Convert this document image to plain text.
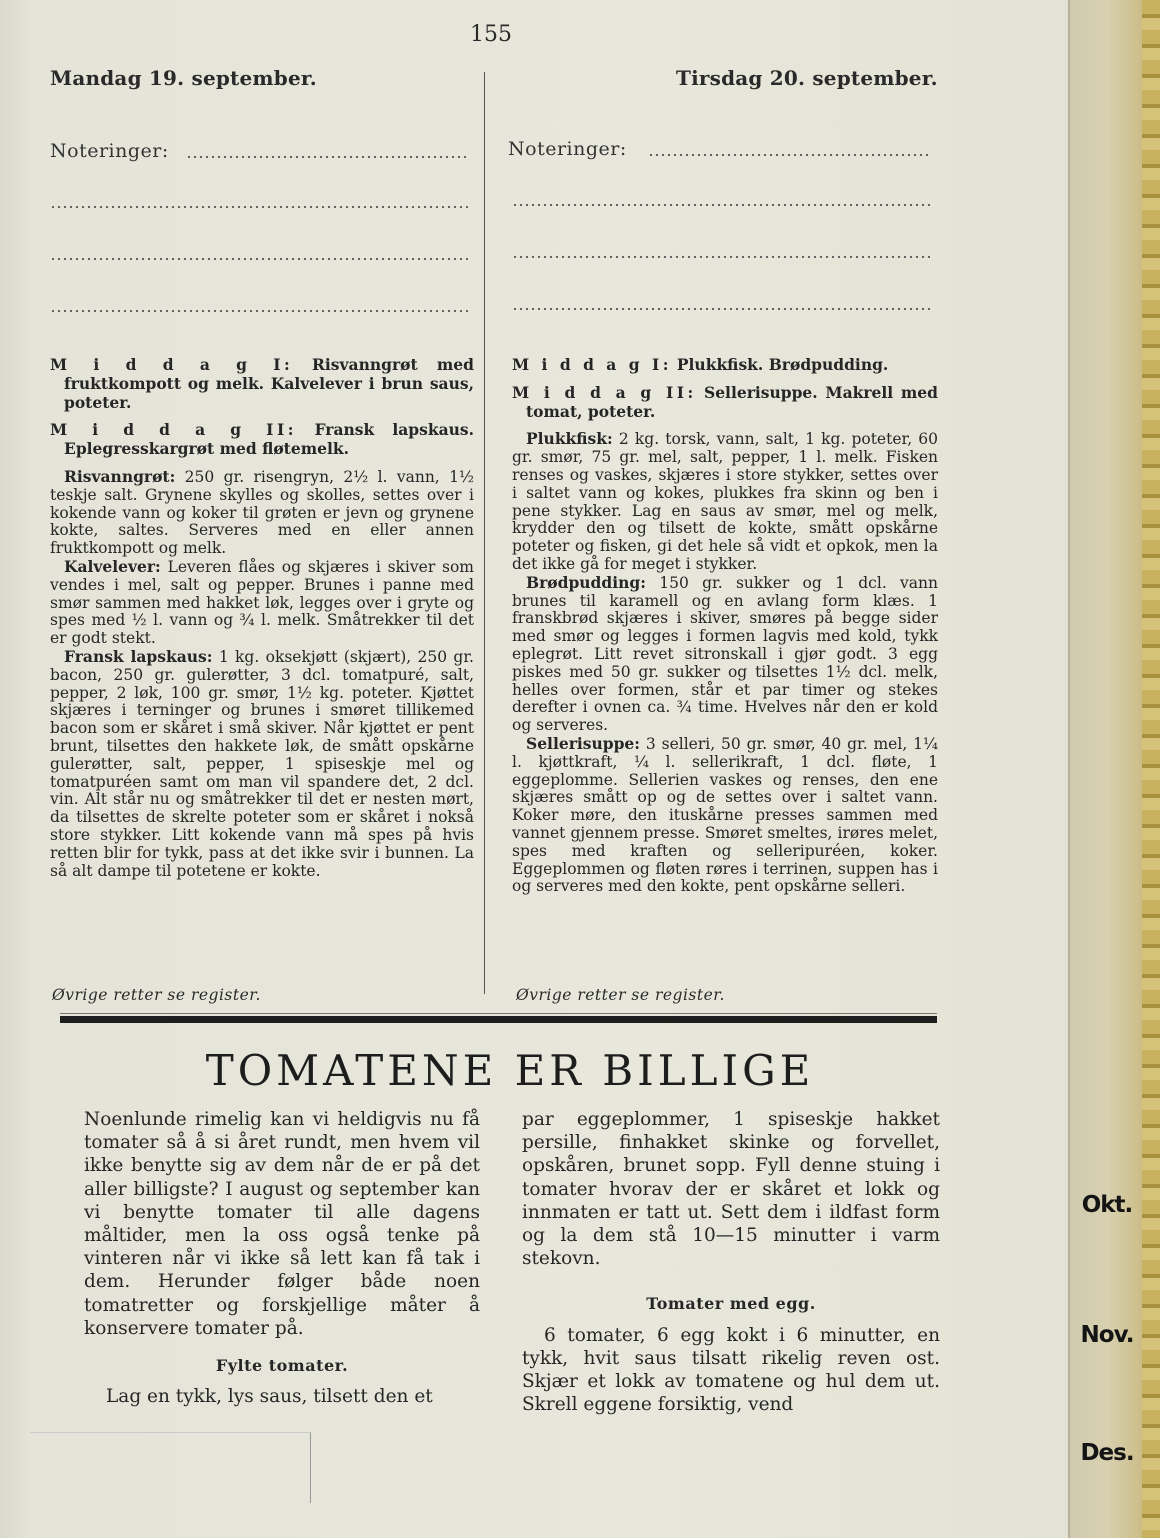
Okt.
Nov.
Des.
155
Mandag 19. september.
Noteringer:

M i d d a g I: Risvanngrøt med fruktkompott og melk. Kalvelever i brun saus, poteter.

M i d d a g II: Fransk lapskaus. Eplegresskargrøt med fløtemelk.

Risvanngrøt: 250 gr. risengryn, 2½ l. vann, 1½ teskje salt. Grynene skylles og skolles, settes over i kokende vann og koker til grøten er jevn og grynene kokte, saltes. Serveres med en eller annen fruktkompott og melk.

Kalvelever: Leveren flåes og skjæres i skiver som vendes i mel, salt og pepper. Brunes i panne med smør sammen med hakket løk, legges over i gryte og spes med ½ l. vann og ¾ l. melk. Småtrekker til det er godt stekt.

Fransk lapskaus: 1 kg. oksekjøtt (skjært), 250 gr. bacon, 250 gr. gulerøtter, 3 dcl. tomatpuré, salt, pepper, 2 løk, 100 gr. smør, 1½ kg. poteter. Kjøttet skjæres i terninger og brunes i smøret tillikemed bacon som er skåret i små skiver. Når kjøttet er pent brunt, tilsettes den hakkete løk, de smått opskårne gulerøtter, salt, pepper, 1 spiseskje mel og tomatpuréen samt om man vil spandere det, 2 dcl. vin. Alt står nu og småtrekker til det er nesten mørt, da tilsettes de skrelte poteter som er skåret i nokså store stykker. Litt kokende vann må spes på hvis retten blir for tykk, pass at det ikke svir i bunnen. La så alt dampe til potetene er kokte.

Øvrige retter se register.
Tirsdag 20. september.
Noteringer:

M i d d a g I: Plukkfisk. Brødpudding.

M i d d a g II: Sellerisuppe. Makrell med tomat, poteter.

Plukkfisk: 2 kg. torsk, vann, salt, 1 kg. poteter, 60 gr. smør, 75 gr. mel, salt, pepper, 1 l. melk. Fisken renses og vaskes, skjæres i store stykker, settes over i saltet vann og kokes, plukkes fra skinn og ben i pene stykker. Lag en saus av smør, mel og melk, krydder den og tilsett de kokte, smått opskårne poteter og fisken, gi det hele så vidt et opkok, men la det ikke gå for meget i stykker.

Brødpudding: 150 gr. sukker og 1 dcl. vann brunes til karamell og en avlang form klæs. 1 franskbrød skjæres i skiver, smøres på begge sider med smør og legges i formen lagvis med kold, tykk eplegrøt. Litt revet sitronskall i gjør godt. 3 egg piskes med 50 gr. sukker og tilsettes 1½ dcl. melk, helles over formen, står et par timer og stekes derefter i ovnen ca. ¾ time. Hvelves når den er kold og serveres.

Sellerisuppe: 3 selleri, 50 gr. smør, 40 gr. mel, 1¼ l. kjøttkraft, ¼ l. sellerikraft, 1 dcl. fløte, 1 eggeplomme. Sellerien vaskes og renses, den ene skjæres smått op og de settes over i saltet vann. Koker møre, den ituskårne presses sammen med vannet gjennem presse. Smøret smeltes, irøres melet, spes med kraften og selleripuréen, koker. Eggeplommen og fløten røres i terrinen, suppen has i og serveres med den kokte, pent opskårne selleri.

Øvrige retter se register.
TOMATENE ER BILLIGE

Noenlunde rimelig kan vi heldigvis nu få tomater så å si året rundt, men hvem vil ikke benytte sig av dem når de er på det aller billigste? I august og september kan vi benytte tomater til alle dagens måltider, men la oss også tenke på vinteren når vi ikke så lett kan få tak i dem. Herunder følger både noen tomatretter og forskjellige måter å konservere tomater på.

Fylte tomater.

Lag en tykk, lys saus, tilsett den et

par eggeplommer, 1 spiseskje hakket persille, finhakket skinke og forvellet, opskåren, brunet sopp. Fyll denne stuing i tomater hvorav der er skåret et lokk og innmaten er tatt ut. Sett dem i ildfast form og la dem stå 10—15 minutter i varm stekovn.

Tomater med egg.

6 tomater, 6 egg kokt i 6 minutter, en tykk, hvit saus tilsatt rikelig reven ost. Skjær et lokk av tomatene og hul dem ut. Skrell eggene forsiktig, vend
